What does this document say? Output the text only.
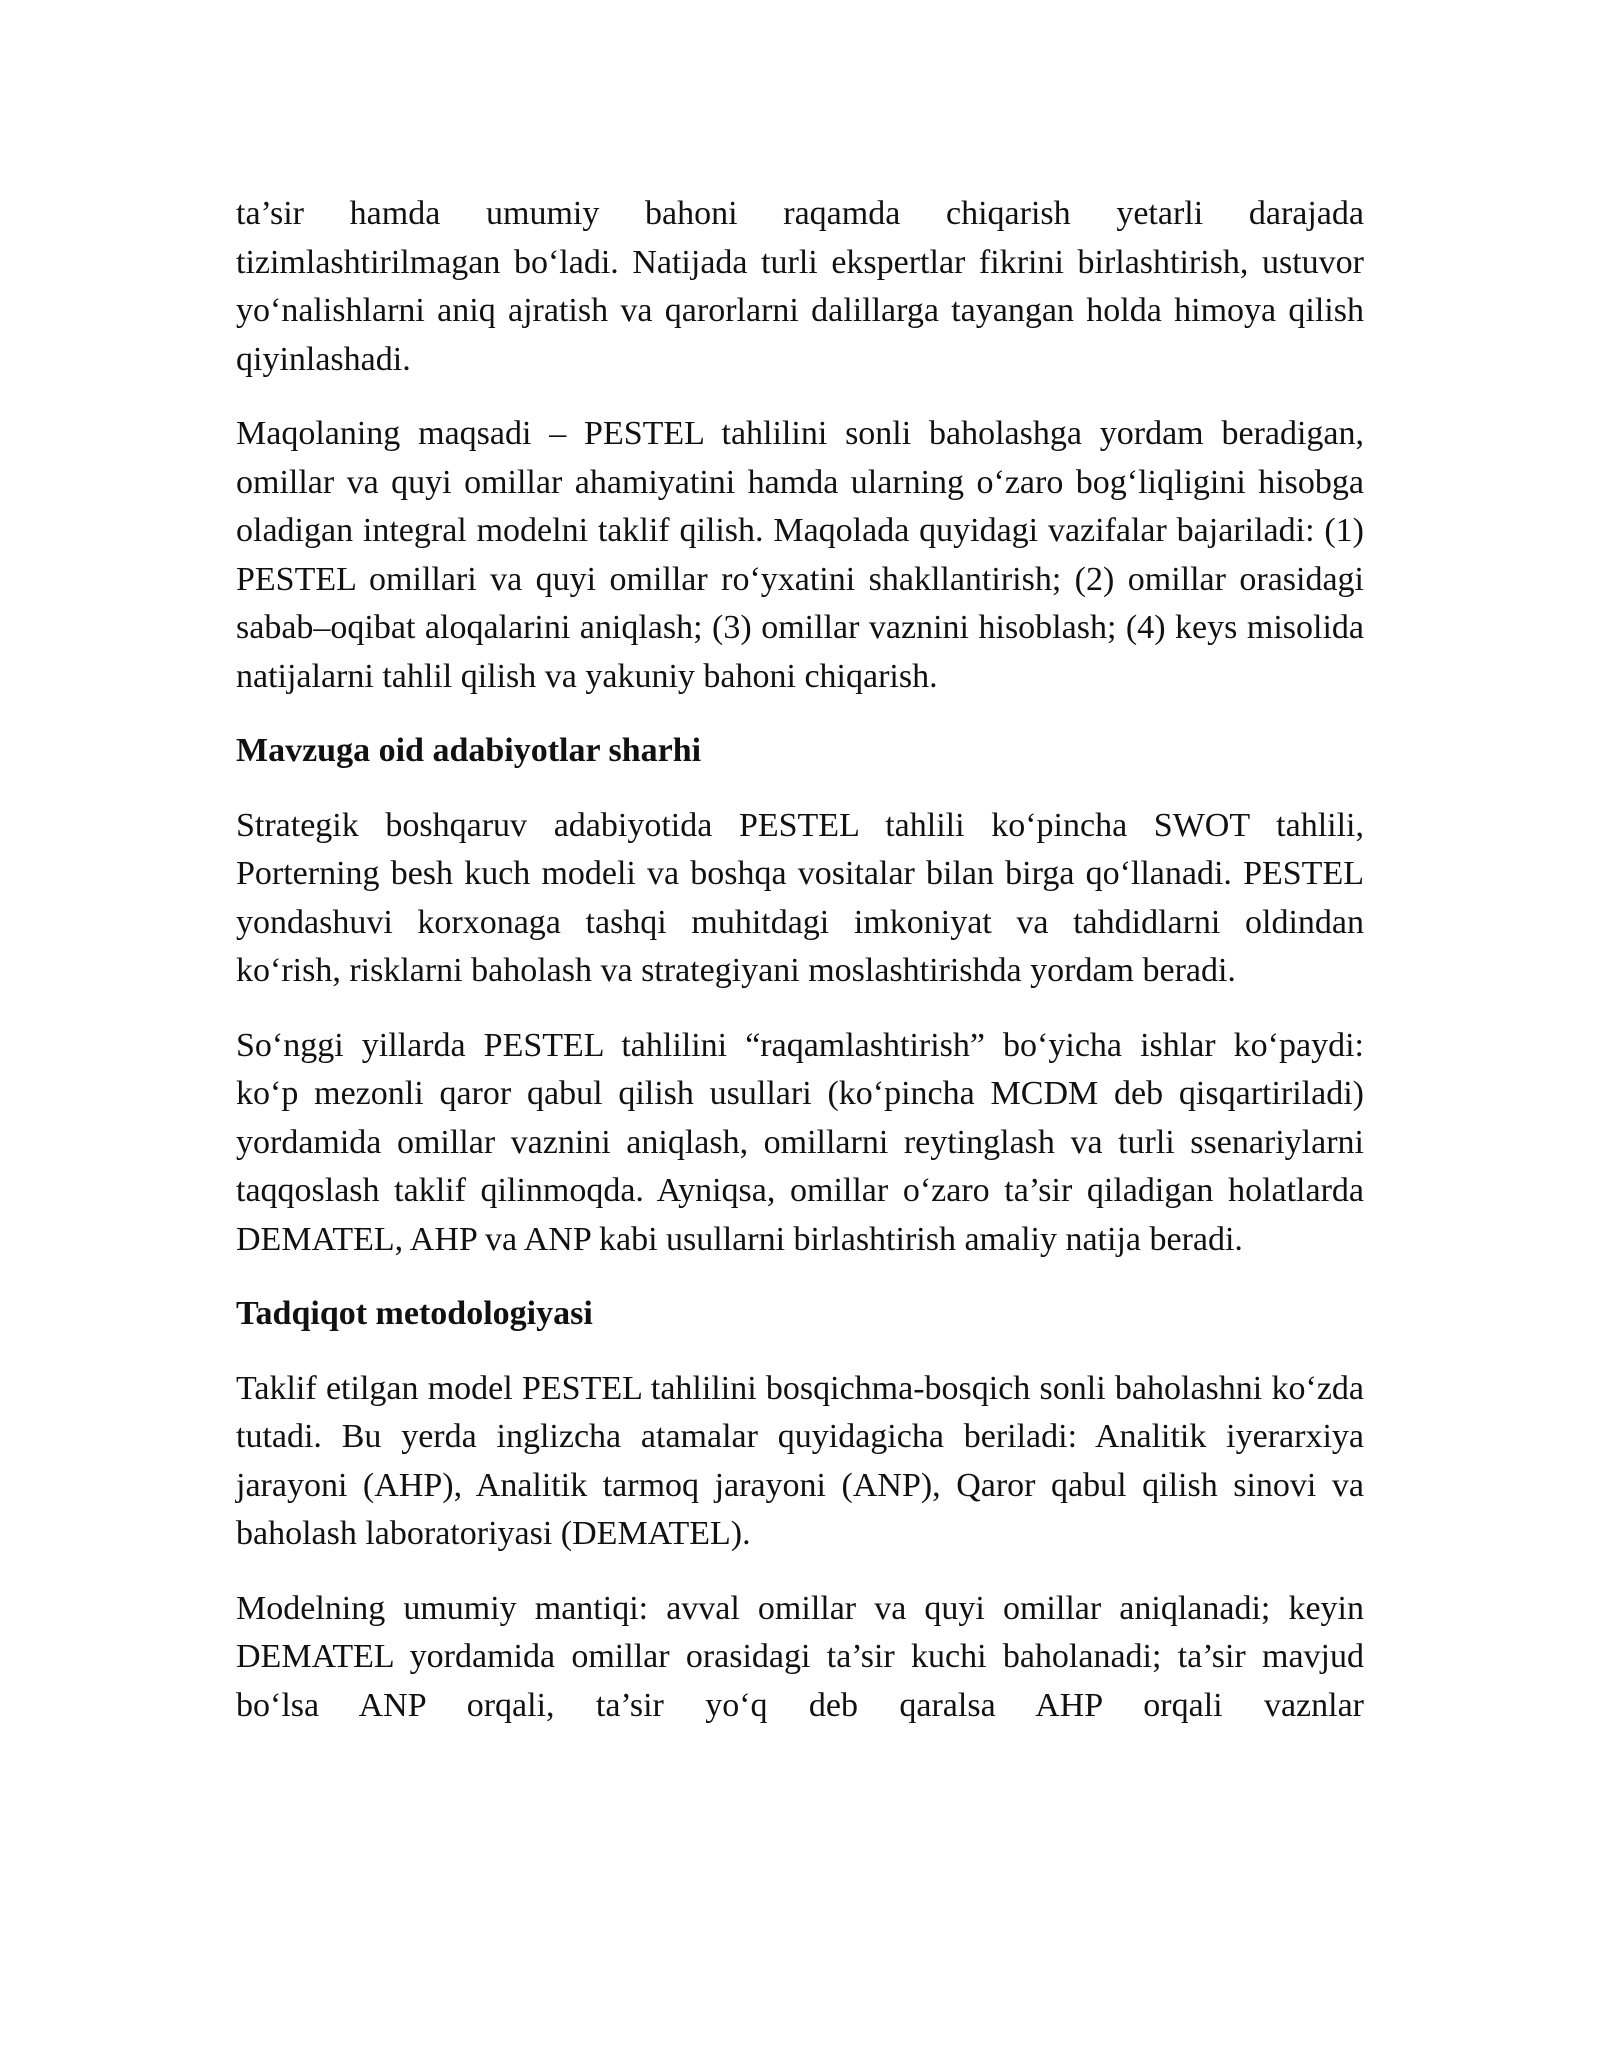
ta’sir hamda umumiy bahoni raqamda chiqarish yetarli darajada tizimlashtirilmagan bo‘ladi. Natijada turli ekspertlar fikrini birlashtirish, ustuvor yo‘nalishlarni aniq ajratish va qarorlarni dalillarga tayangan holda himoya qilish qiyinlashadi.

Maqolaning maqsadi – PESTEL tahlilini sonli baholashga yordam beradigan, omillar va quyi omillar ahamiyatini hamda ularning o‘zaro bog‘liqligini hisobga oladigan integral modelni taklif qilish. Maqolada quyidagi vazifalar bajariladi: (1) PESTEL omillari va quyi omillar ro‘yxatini shakllantirish; (2) omillar orasidagi sabab–oqibat aloqalarini aniqlash; (3) omillar vaznini hisoblash; (4) keys misolida natijalarni tahlil qilish va yakuniy bahoni chiqarish.

Mavzuga oid adabiyotlar sharhi

Strategik boshqaruv adabiyotida PESTEL tahlili ko‘pincha SWOT tahlili, Porterning besh kuch modeli va boshqa vositalar bilan birga qo‘llanadi. PESTEL yondashuvi korxonaga tashqi muhitdagi imkoniyat va tahdidlarni oldindan ko‘rish, risklarni baholash va strategiyani moslashtirishda yordam beradi.

So‘nggi yillarda PESTEL tahlilini “raqamlashtirish” bo‘yicha ishlar ko‘paydi: ko‘p mezonli qaror qabul qilish usullari (ko‘pincha MCDM deb qisqartiriladi) yordamida omillar vaznini aniqlash, omillarni reytinglash va turli ssenariylarni taqqoslash taklif qilinmoqda. Ayniqsa, omillar o‘zaro ta’sir qiladigan holatlarda DEMATEL, AHP va ANP kabi usullarni birlashtirish amaliy natija beradi.

Tadqiqot metodologiyasi

Taklif etilgan model PESTEL tahlilini bosqichma-bosqich sonli baholashni ko‘zda tutadi. Bu yerda inglizcha atamalar quyidagicha beriladi: Analitik iyerarxiya jarayoni (AHP), Analitik tarmoq jarayoni (ANP), Qaror qabul qilish sinovi va baholash laboratoriyasi (DEMATEL).

Modelning umumiy mantiqi: avval omillar va quyi omillar aniqlanadi; keyin DEMATEL yordamida omillar orasidagi ta’sir kuchi baholanadi; ta’sir mavjud bo‘lsa ANP orqali, ta’sir yo‘q deb qaralsa AHP orqali vaznlar
